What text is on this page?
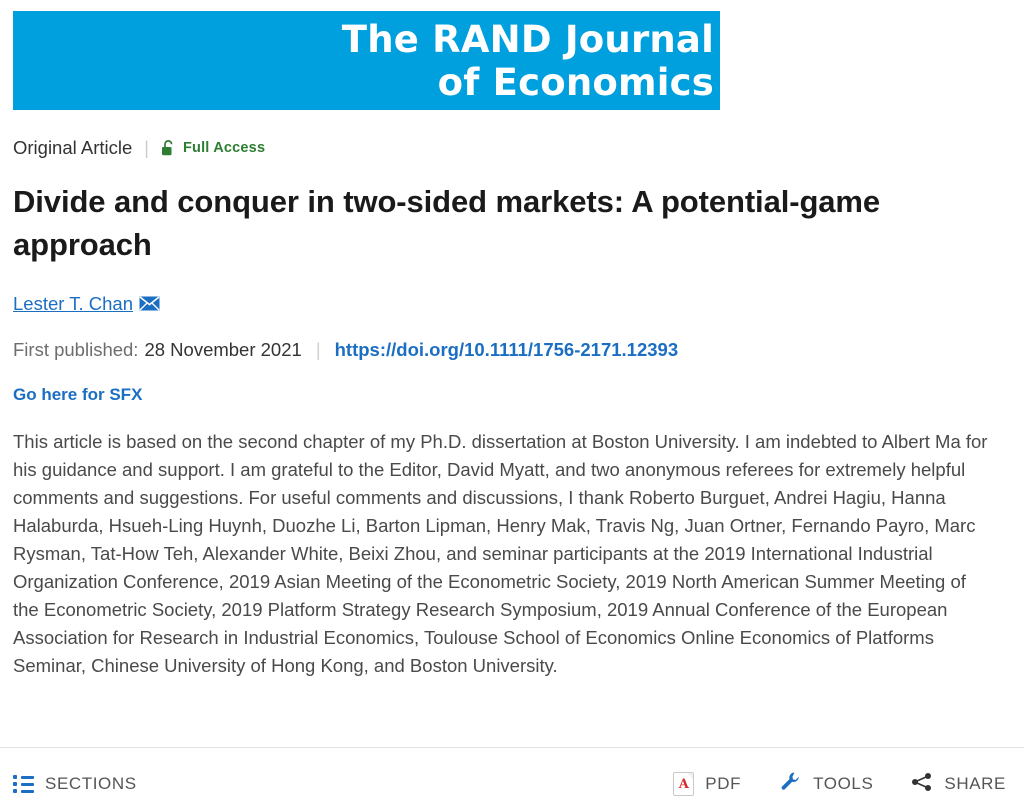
The RAND Journal
of Economics
Original Article | Full Access
Divide and conquer in two-sided markets: A potential-game approach
Lester T. Chan
First published: 28 November 2021 | https://doi.org/10.1111/1756-2171.12393
Go here for SFX

This article is based on the second chapter of my Ph.D. dissertation at Boston University. I am indebted to Albert Ma for his guidance and support. I am grateful to the Editor, David Myatt, and two anonymous referees for extremely helpful comments and suggestions. For useful comments and discussions, I thank Roberto Burguet, Andrei Hagiu, Hanna Halaburda, Hsueh-Ling Huynh, Duozhe Li, Barton Lipman, Henry Mak, Travis Ng, Juan Ortner, Fernando Payro, Marc Rysman, Tat-How Teh, Alexander White, Beixi Zhou, and seminar participants at the 2019 International Industrial Organization Conference, 2019 Asian Meeting of the Econometric Society, 2019 North American Summer Meeting of the Econometric Society, 2019 Platform Strategy Research Symposium, 2019 Annual Conference of the European Association for Research in Industrial Economics, Toulouse School of Economics Online Economics of Platforms Seminar, Chinese University of Hong Kong, and Boston University.

SECTIONS	A PDF	TOOLS	SHARE
